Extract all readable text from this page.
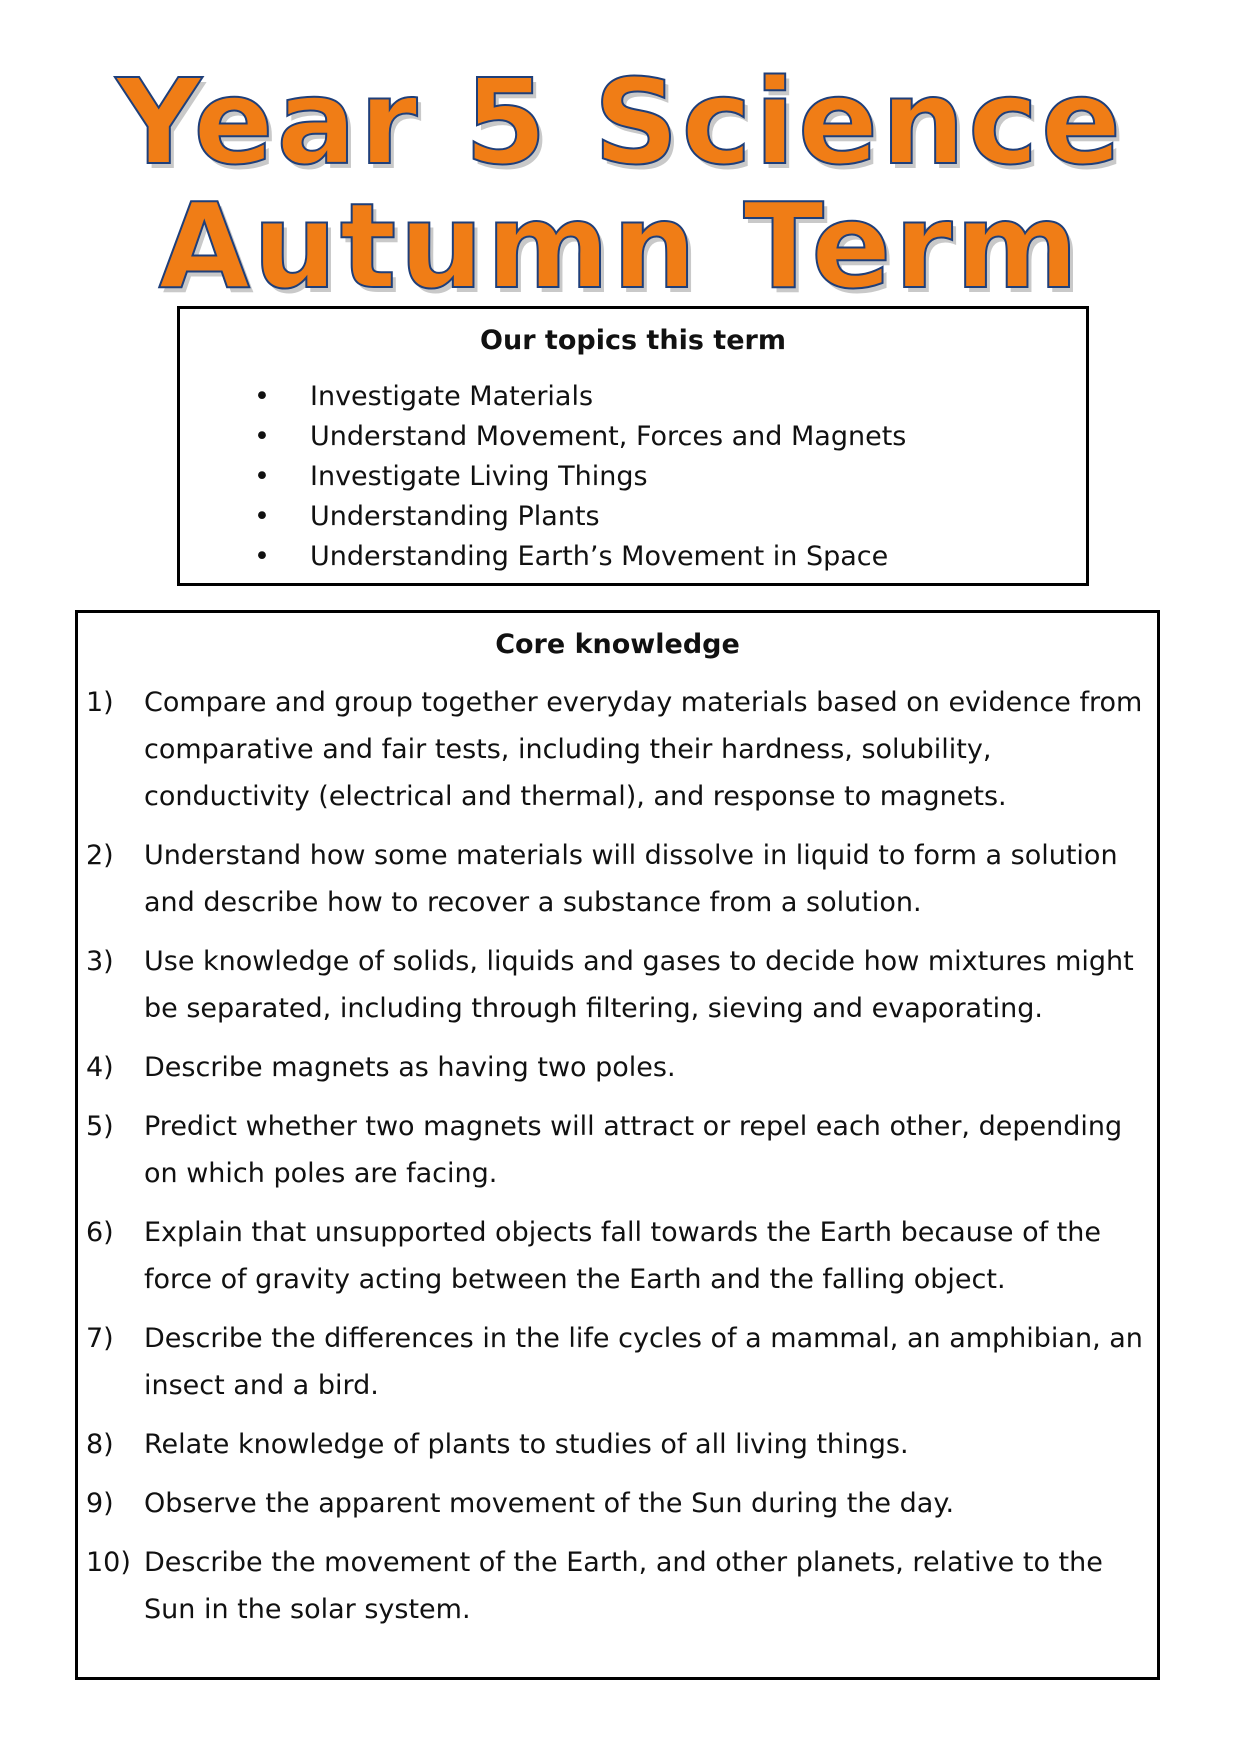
Year 5 Science
Autumn Term
Our topics this term
• Investigate Materials
• Understand Movement, Forces and Magnets
• Investigate Living Things
• Understanding Plants
• Understanding Earth’s Movement in Space
Core knowledge
1) Compare and group together everyday materials based on evidence from comparative and fair tests, including their hardness, solubility, conductivity (electrical and thermal), and response to magnets.
2) Understand how some materials will dissolve in liquid to form a solution and describe how to recover a substance from a solution.
3) Use knowledge of solids, liquids and gases to decide how mixtures might be separated, including through filtering, sieving and evaporating.
4) Describe magnets as having two poles.
5) Predict whether two magnets will attract or repel each other, depending on which poles are facing.
6) Explain that unsupported objects fall towards the Earth because of the force of gravity acting between the Earth and the falling object.
7) Describe the differences in the life cycles of a mammal, an amphibian, an insect and a bird.
8) Relate knowledge of plants to studies of all living things.
9) Observe the apparent movement of the Sun during the day.
10) Describe the movement of the Earth, and other planets, relative to the Sun in the solar system.
